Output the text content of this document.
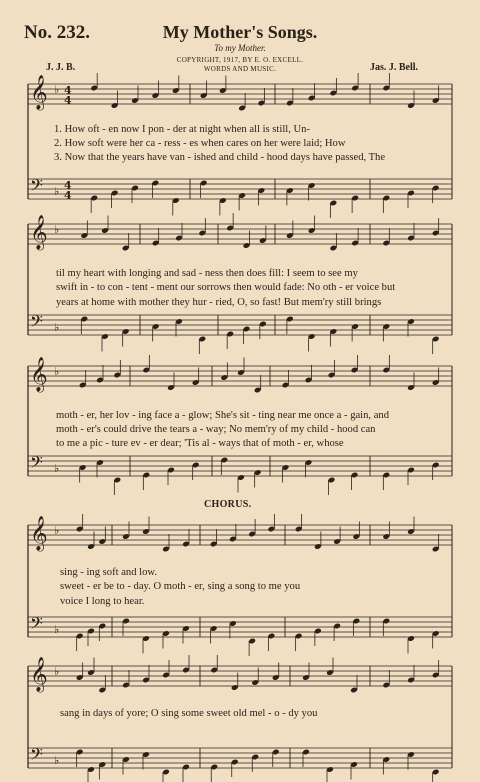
No. 232.	My Mother's Songs.
To my Mother.
COPYRIGHT, 1917, BY E. O. EXCELL.
WORDS AND MUSIC.
J. J. B.	Jas. J. Bell.
𝄞
𝄢
♭
♭
4
4
4
4
𝄞
𝄢
♭
♭
𝄞
𝄢
♭
♭
𝄞
𝄢
♭
♭
𝄞
𝄢
♭
♭
1. How oft - en now I pon - der at night when all is still, Un-
2. How soft were her ca - ress - es when cares on her were laid; How
3. Now that the years have van - ished and child - hood days have passed, The
til my heart with longing and sad - ness then does fill: I seem to see my
swift in - to con - tent - ment our sorrows then would fade: No oth - er voice but
years at home with mother they hur - ried, O, so fast! But mem'ry still brings
moth - er, her lov - ing face a - glow; She's sit - ting near me once a - gain, and
moth - er's could drive the tears a - way; No mem'ry of my child - hood can
to me a pic - ture ev - er dear; 'Tis al - ways that of moth - er, whose
CHORUS.
sing - ing soft and low.
sweet - er be to - day. O moth - er, sing a song to me you
voice I long to hear.
sang in days of yore; O sing some sweet old mel - o - dy you
